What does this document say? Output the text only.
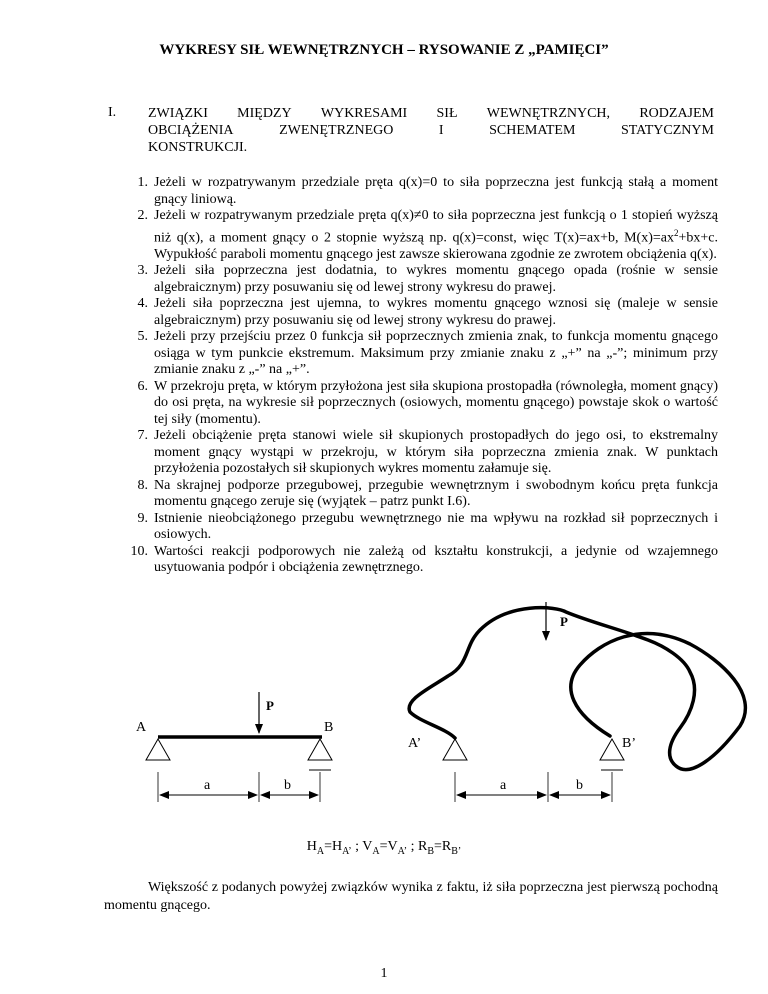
WYKRESY SIŁ WEWNĘTRZNYCH – RYSOWANIE Z „PAMIĘCI”
I. ZWIĄZKI MIĘDZY WYKRESAMI SIŁ WEWNĘTRZNYCH, RODZAJEM
OBCIĄŻENIA	ZWENĘTRZNEGO	I	SCHEMATEM	STATYCZNYM
KONSTRUKCJI.
1. Jeżeli w rozpatrywanym przedziale pręta q(x)=0 to siła poprzeczna jest funkcją stałą a moment gnący liniową.
2. Jeżeli w rozpatrywanym przedziale pręta q(x)≠0 to siła poprzeczna jest funkcją o 1 stopień wyższą niż q(x), a moment gnący o 2 stopnie wyższą np. q(x)=const, więc T(x)=ax+b, $M(x)=ax^2+bx+c$. Wypukłość paraboli momentu gnącego jest zawsze skierowana zgodnie ze zwrotem obciążenia q(x).
3. Jeżeli siła poprzeczna jest dodatnia, to wykres momentu gnącego opada (rośnie w sensie algebraicznym) przy posuwaniu się od lewej strony wykresu do prawej.
4. Jeżeli siła poprzeczna jest ujemna, to wykres momentu gnącego wznosi się (maleje w sensie algebraicznym) przy posuwaniu się od lewej strony wykresu do prawej.
5. Jeżeli przy przejściu przez 0 funkcja sił poprzecznych zmienia znak, to funkcja momentu gnącego osiąga w tym punkcie ekstremum. Maksimum przy zmianie znaku z „+” na „-”; minimum przy zmianie znaku z „-” na „+”.
6. W przekroju pręta, w którym przyłożona jest siła skupiona prostopadła (równoległa, moment gnący) do osi pręta, na wykresie sił poprzecznych (osiowych, momentu gnącego) powstaje skok o wartość tej siły (momentu).
7. Jeżeli obciążenie pręta stanowi wiele sił skupionych prostopadłych do jego osi, to ekstremalny moment gnący wystąpi w przekroju, w którym siła poprzeczna zmienia znak. W punktach przyłożenia pozostałych sił skupionych wykres momentu załamuje się.
8. Na skrajnej podporze przegubowej, przegubie wewnętrznym i swobodnym końcu pręta funkcja momentu gnącego zeruje się (wyjątek – patrz punkt I.6).
9. Istnienie nieobciążonego przegubu wewnętrznego nie ma wpływu na rozkład sił poprzecznych i osiowych.
10. Wartości reakcji podporowych nie zależą od kształtu konstrukcji, a jedynie od wzajemnego usytuowania podpór i obciążenia zewnętrznego.
P
A	B
a	b
P
A’	B’
a	b
$H_A=H_{A’}$ ; $V_A=V_{A’}$ ; $R_B=R_{B’}$
Większość z podanych powyżej związków wynika z faktu, iż siła poprzeczna jest pierwszą pochodną momentu gnącego.
1
